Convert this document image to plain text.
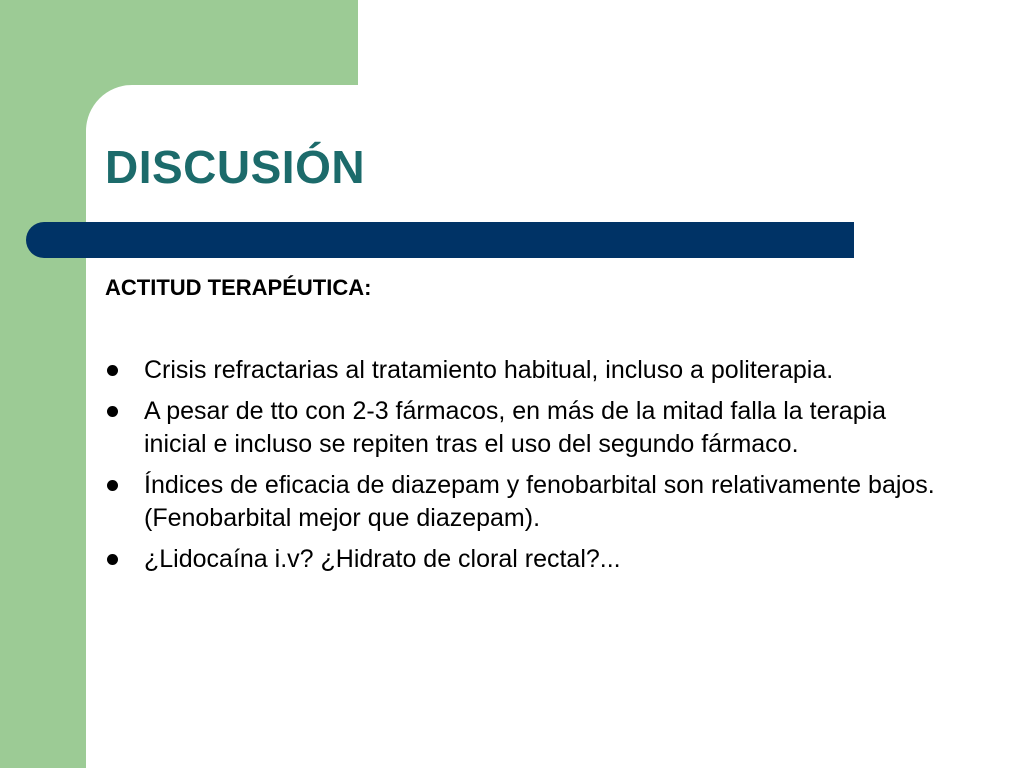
DISCUSIÓN
ACTITUD TERAPÉUTICA:
Crisis refractarias al tratamiento habitual, incluso a politerapia.
A pesar de tto con 2-3 fármacos, en más de la mitad falla la terapia inicial e incluso se repiten tras el uso del segundo fármaco.
Índices de eficacia de diazepam y fenobarbital son relativamente bajos. (Fenobarbital mejor que diazepam).
¿Lidocaína i.v? ¿Hidrato de cloral rectal?...
